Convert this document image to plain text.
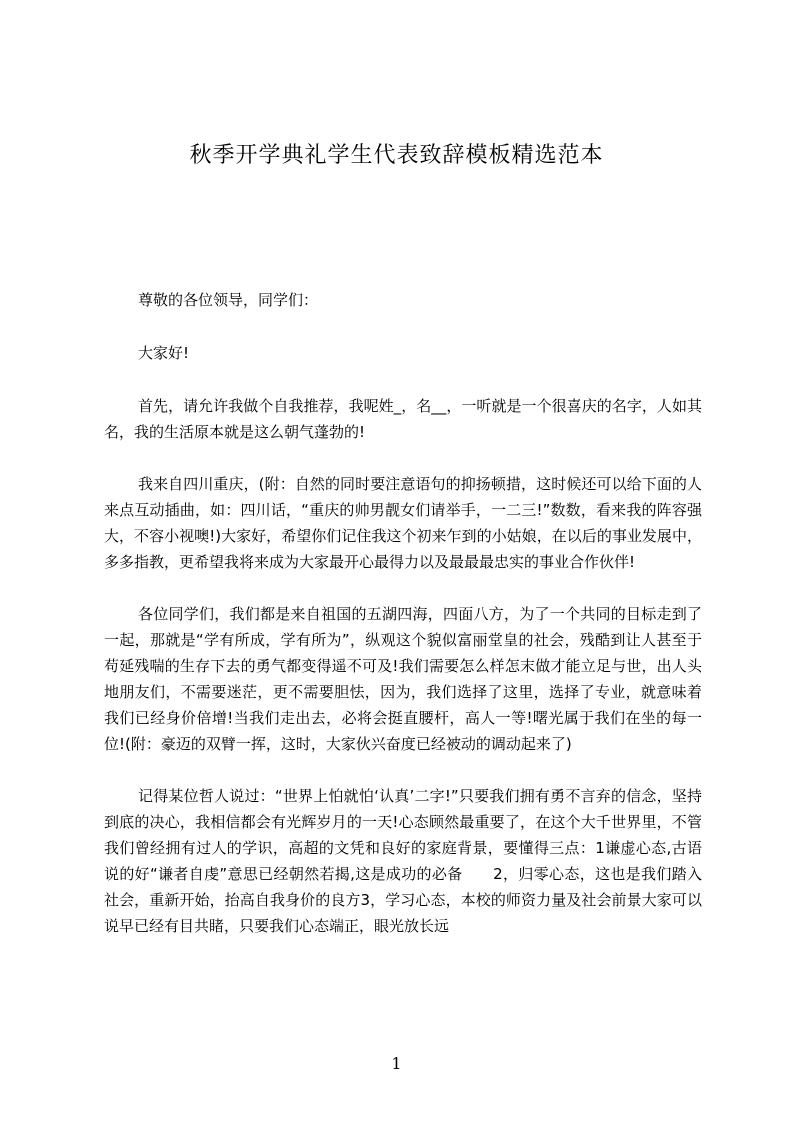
秋季开学典礼学生代表致辞模板精选范本

尊敬的各位领导，同学们：

大家好!

首先，请允许我做个自我推荐，我呢姓_，名__，一听就是一个很喜庆的名字，人如其名，我的生活原本就是这么朝气蓬勃的!

我来自四川重庆，(附：自然的同时要注意语句的抑扬顿措，这时候还可以给下面的人来点互动插曲，如：四川话，“重庆的帅男靓女们请举手，一二三!”数数，看来我的阵容强大，不容小视噢!)大家好，希望你们记住我这个初来乍到的小姑娘，在以后的事业发展中，多多指教，更希望我将来成为大家最开心最得力以及最最最忠实的事业合作伙伴!

各位同学们，我们都是来自祖国的五湖四海，四面八方，为了一个共同的目标走到了一起，那就是“学有所成，学有所为”，纵观这个貌似富丽堂皇的社会，残酷到让人甚至于苟延残喘的生存下去的勇气都变得遥不可及!我们需要怎么样怎末做才能立足与世，出人头地朋友们，不需要迷茫，更不需要胆怯，因为，我们选择了这里，选择了专业，就意味着我们已经身价倍增!当我们走出去，必将会挺直腰杆，高人一等!曙光属于我们在坐的每一位!(附：豪迈的双臂一挥，这时，大家伙兴奋度已经被动的调动起来了)

记得某位哲人说过：“世界上怕就怕‘认真’二字!”只要我们拥有勇不言弃的信念，坚持到底的决心，我相信都会有光辉岁月的一天!心态顾然最重要了，在这个大千世界里，不管我们曾经拥有过人的学识，高超的文凭和良好的家庭背景，要懂得三点：1谦虚心态,古语说的好“谦者自虔”意思已经朝然若揭,这是成功的必备　　2，归零心态，这也是我们踏入社会，重新开始，抬高自我身价的良方3，学习心态，本校的师资力量及社会前景大家可以说早已经有目共睹，只要我们心态端正，眼光放长远

1
